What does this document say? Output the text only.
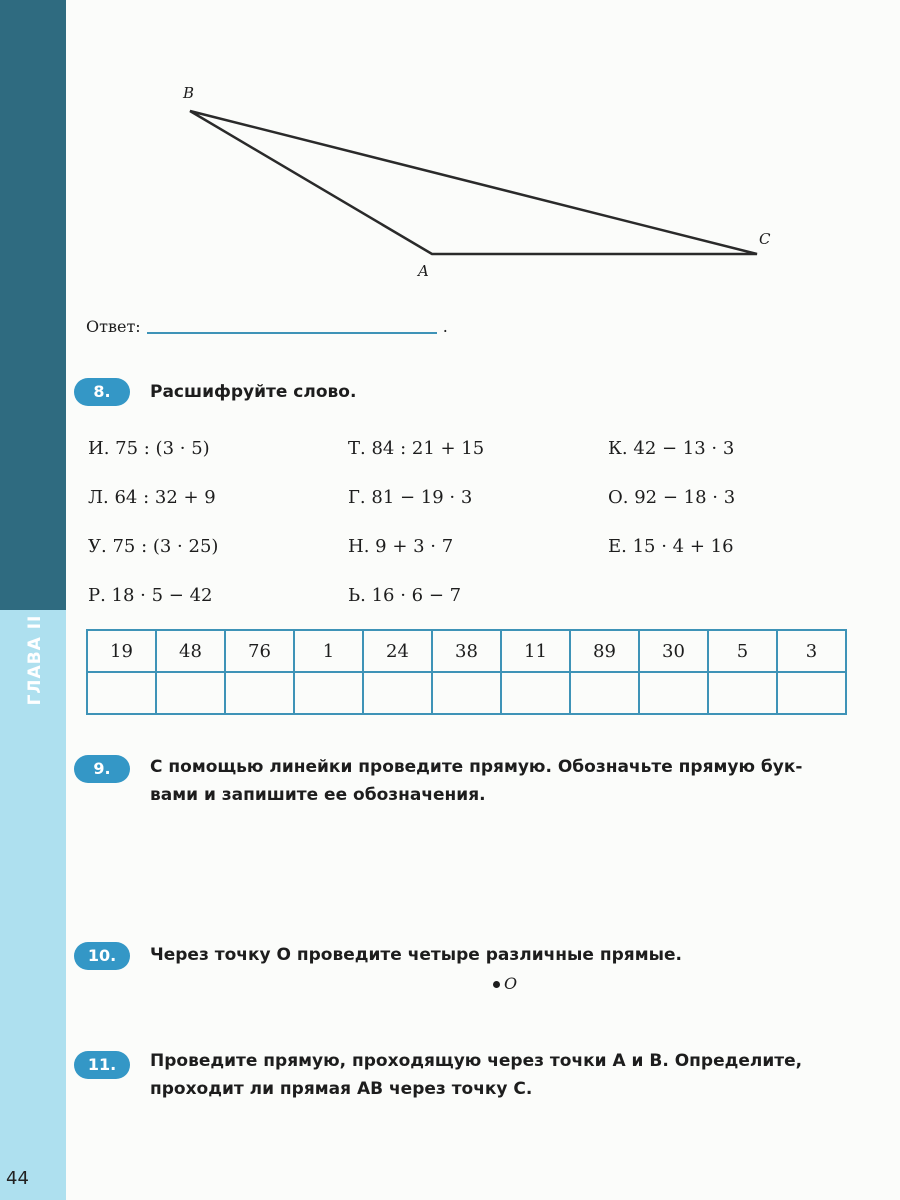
ГЛАВА II
44
B
A
C
Ответ:	.
8.	Расшифруйте слово.
И. 75 : (3 · 5)	Т. 84 : 21 + 15	К. 42 − 13 · 3
Л. 64 : 32 + 9	Г. 81 − 19 · 3	О. 92 − 18 · 3
У. 75 : (3 · 25)	Н. 9 + 3 · 7	Е. 15 · 4 + 16
Р. 18 · 5 − 42	Ь. 16 · 6 − 7
19	48	76	1	24	38	11	89	30	5	3

9.	С помощью линейки проведите прямую. Обозначьте прямую бук-
вами и запишите ее обозначения.
10.	Через точку O проведите четыре различные прямые.
O
11.	Проведите прямую, проходящую через точки A и B. Определите,
проходит ли прямая AB через точку C.
